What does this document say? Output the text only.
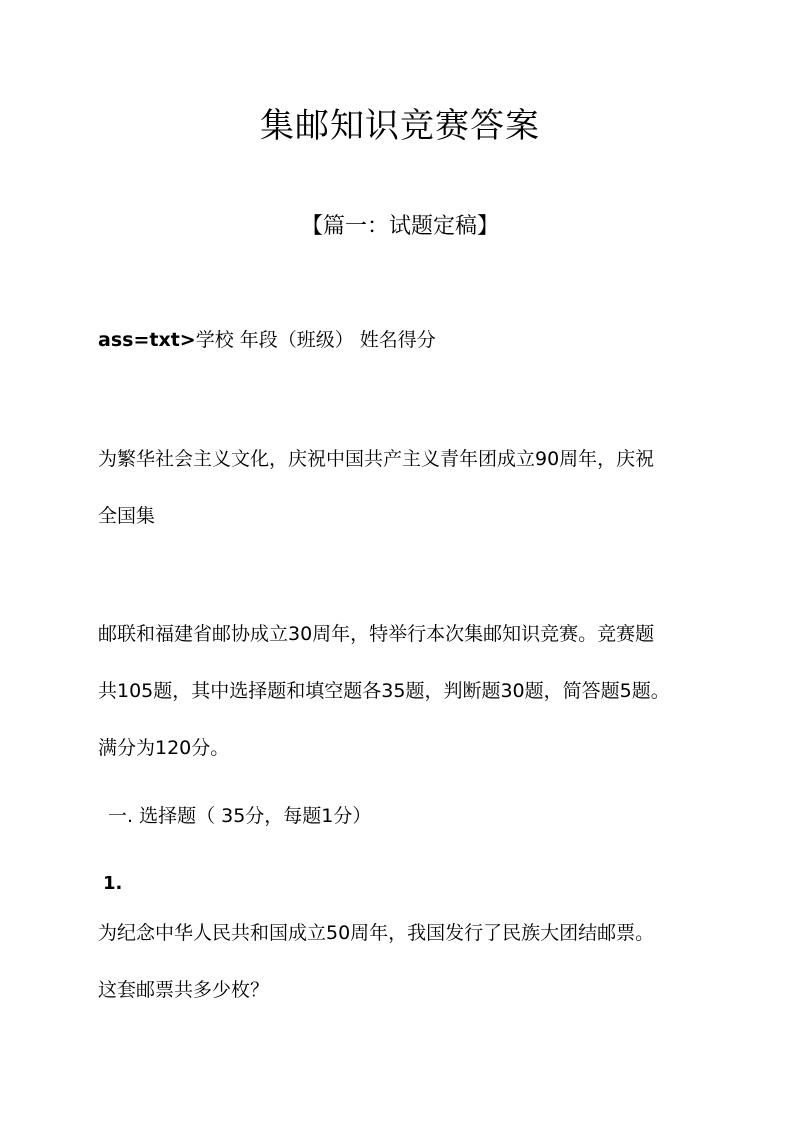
集邮知识竞赛答案
【篇一：试题定稿】
ass=txt>学校 年段（班级） 姓名得分
为繁华社会主义文化，庆祝中国共产主义青年团成立90周年，庆祝
全国集
邮联和福建省邮协成立30周年，特举行本次集邮知识竞赛。竞赛题
共105题，其中选择题和填空题各35题，判断题30题，简答题5题。
满分为120分。
一. 选择题（ 35分，每题1分）
1.
为纪念中华人民共和国成立50周年，我国发行了民族大团结邮票。
这套邮票共多少枚？
